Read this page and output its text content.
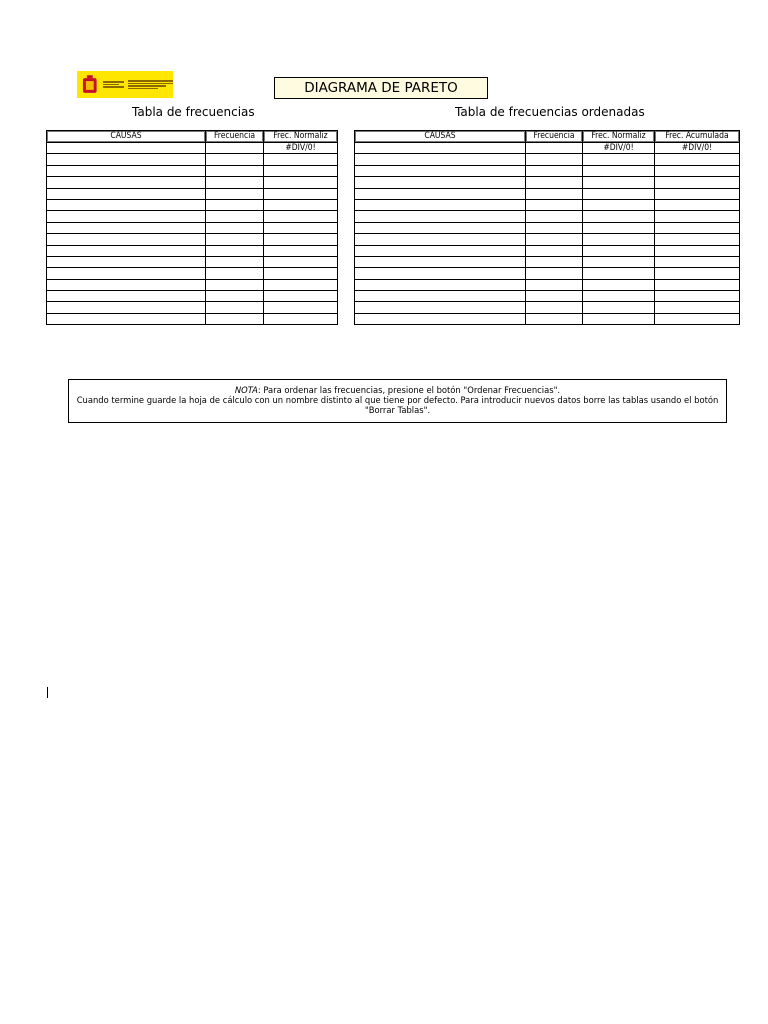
DIAGRAMA DE PARETO
Tabla de frecuencias	Tabla de frecuencias ordenadas
CAUSAS	Frecuencia	Frec. Normaliz
		#DIV/0!

CAUSAS	Frecuencia	Frec. Normaliz	Frec. Acumulada
		#DIV/0!	#DIV/0!

NOTA: Para ordenar las frecuencias, presione el botón "Ordenar Frecuencias".
Cuando termine guarde la hoja de cálculo con un nombre distinto al que tiene por defecto. Para introducir nuevos datos borre las tablas usando el botón
"Borrar Tablas".
